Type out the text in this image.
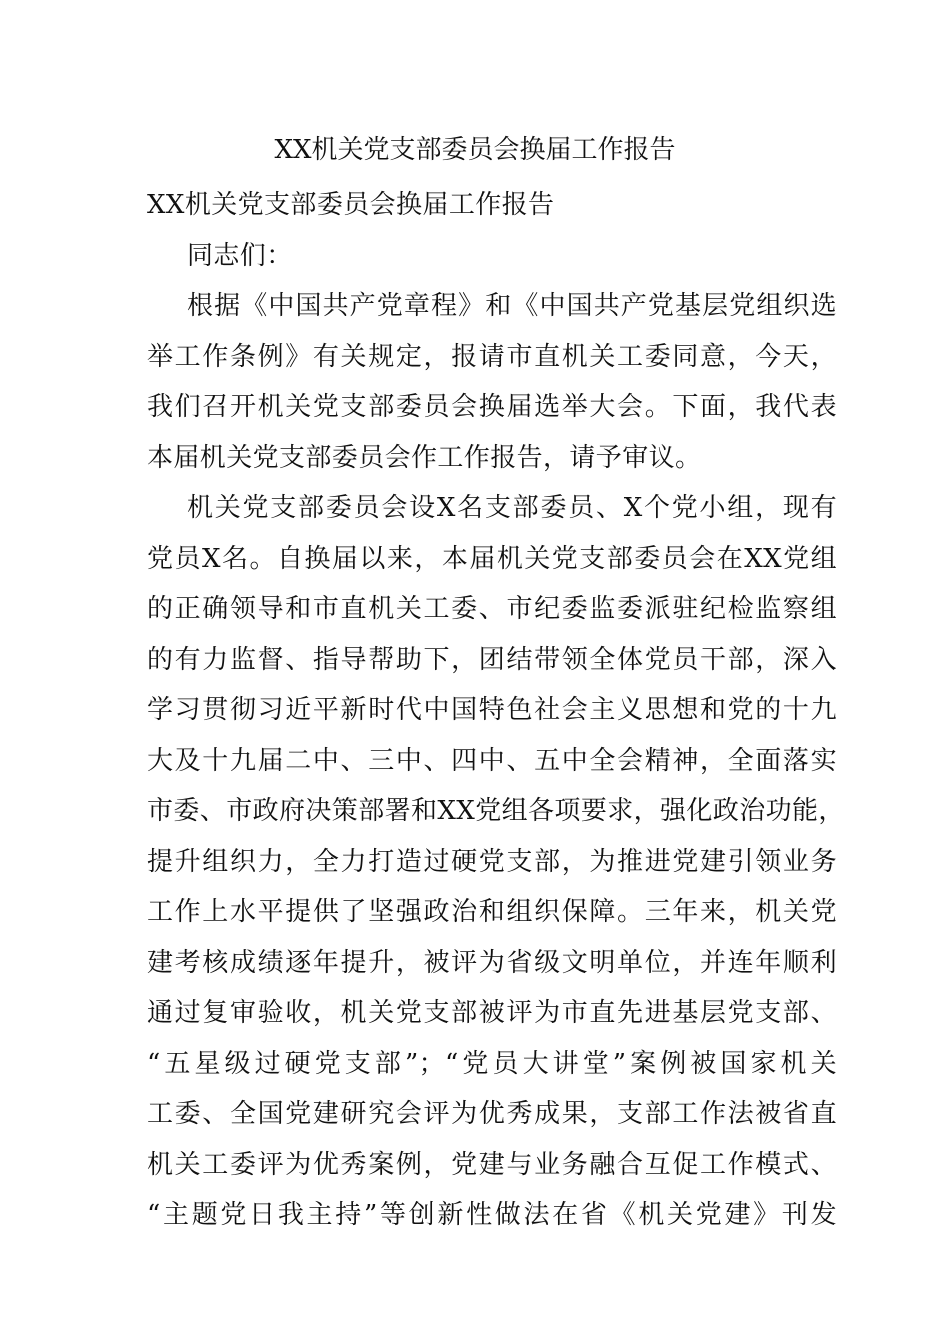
XX机关党支部委员会换届工作报告
XX机关党支部委员会换届工作报告
同志们：
根据《中国共产党章程》和《中国共产党基层党组织选
举工作条例》有关规定，报请市直机关工委同意，今天，
我们召开机关党支部委员会换届选举大会。下面，我代表
本届机关党支部委员会作工作报告，请予审议。
机关党支部委员会设X名支部委员、X个党小组，现有
党员X名。自换届以来，本届机关党支部委员会在XX党组
的正确领导和市直机关工委、市纪委监委派驻纪检监察组
的有力监督、指导帮助下，团结带领全体党员干部，深入
学习贯彻习近平新时代中国特色社会主义思想和党的十九
大及十九届二中、三中、四中、五中全会精神，全面落实
市委、市政府决策部署和XX党组各项要求，强化政治功能，
提升组织力，全力打造过硬党支部，为推进党建引领业务
工作上水平提供了坚强政治和组织保障。三年来，机关党
建考核成绩逐年提升，被评为省级文明单位，并连年顺利
通过复审验收，机关党支部被评为市直先进基层党支部、
“五星级过硬党支部”；“党员大讲堂”案例被国家机关
工委、全国党建研究会评为优秀成果，支部工作法被省直
机关工委评为优秀案例，党建与业务融合互促工作模式、
“主题党日我主持”等创新性做法在省《机关党建》刊发
